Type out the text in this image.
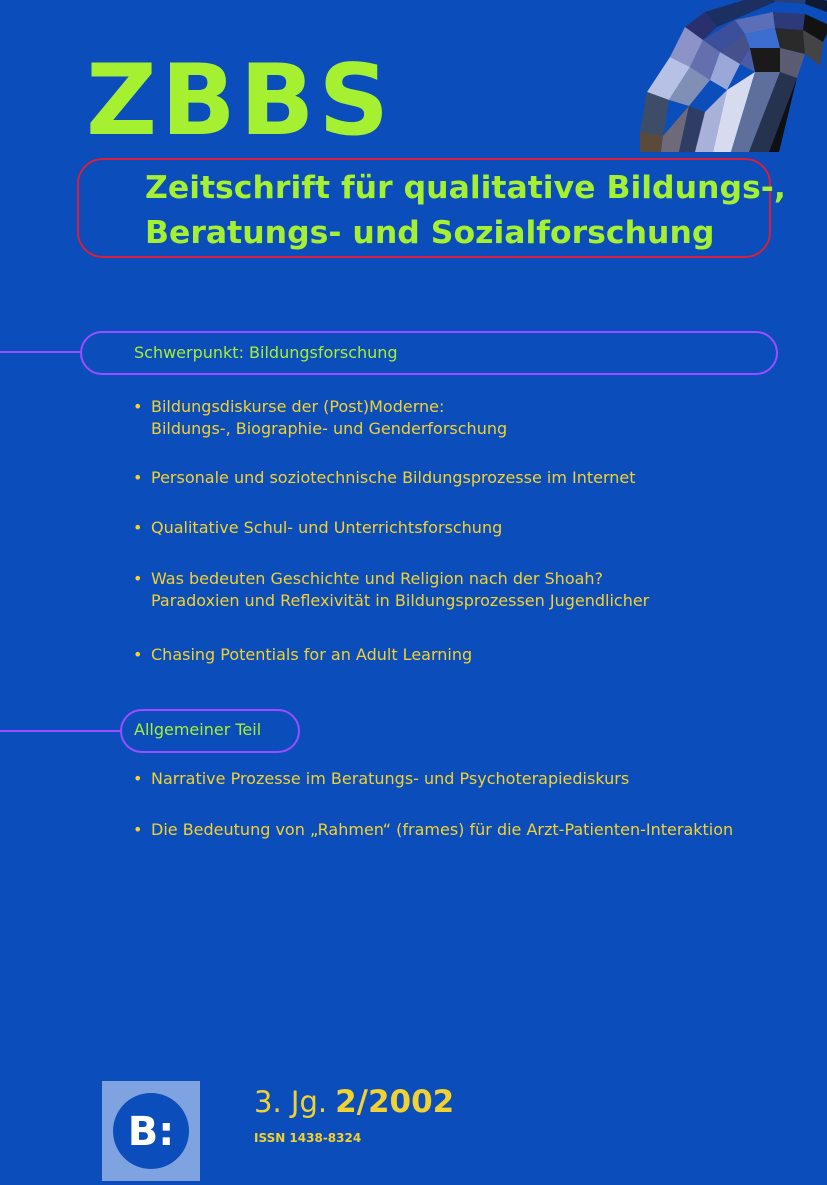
ZBBS
Zeitschrift für qualitative Bildungs-,
Beratungs- und Sozialforschung
Schwerpunkt: Bildungsforschung
• Bildungsdiskurse der (Post)Moderne:
Bildungs-, Biographie- und Genderforschung
• Personale und soziotechnische Bildungsprozesse im Internet
• Qualitative Schul- und Unterrichtsforschung
• Was bedeuten Geschichte und Religion nach der Shoah?
Paradoxien und Reflexivität in Bildungsprozessen Jugendlicher
• Chasing Potentials for an Adult Learning
Allgemeiner Teil
• Narrative Prozesse im Beratungs- und Psychoterapiediskurs
• Die Bedeutung von „Rahmen“ (frames) für die Arzt-Patienten-Interaktion
B:
3. Jg. 2/2002
ISSN 1438-8324
